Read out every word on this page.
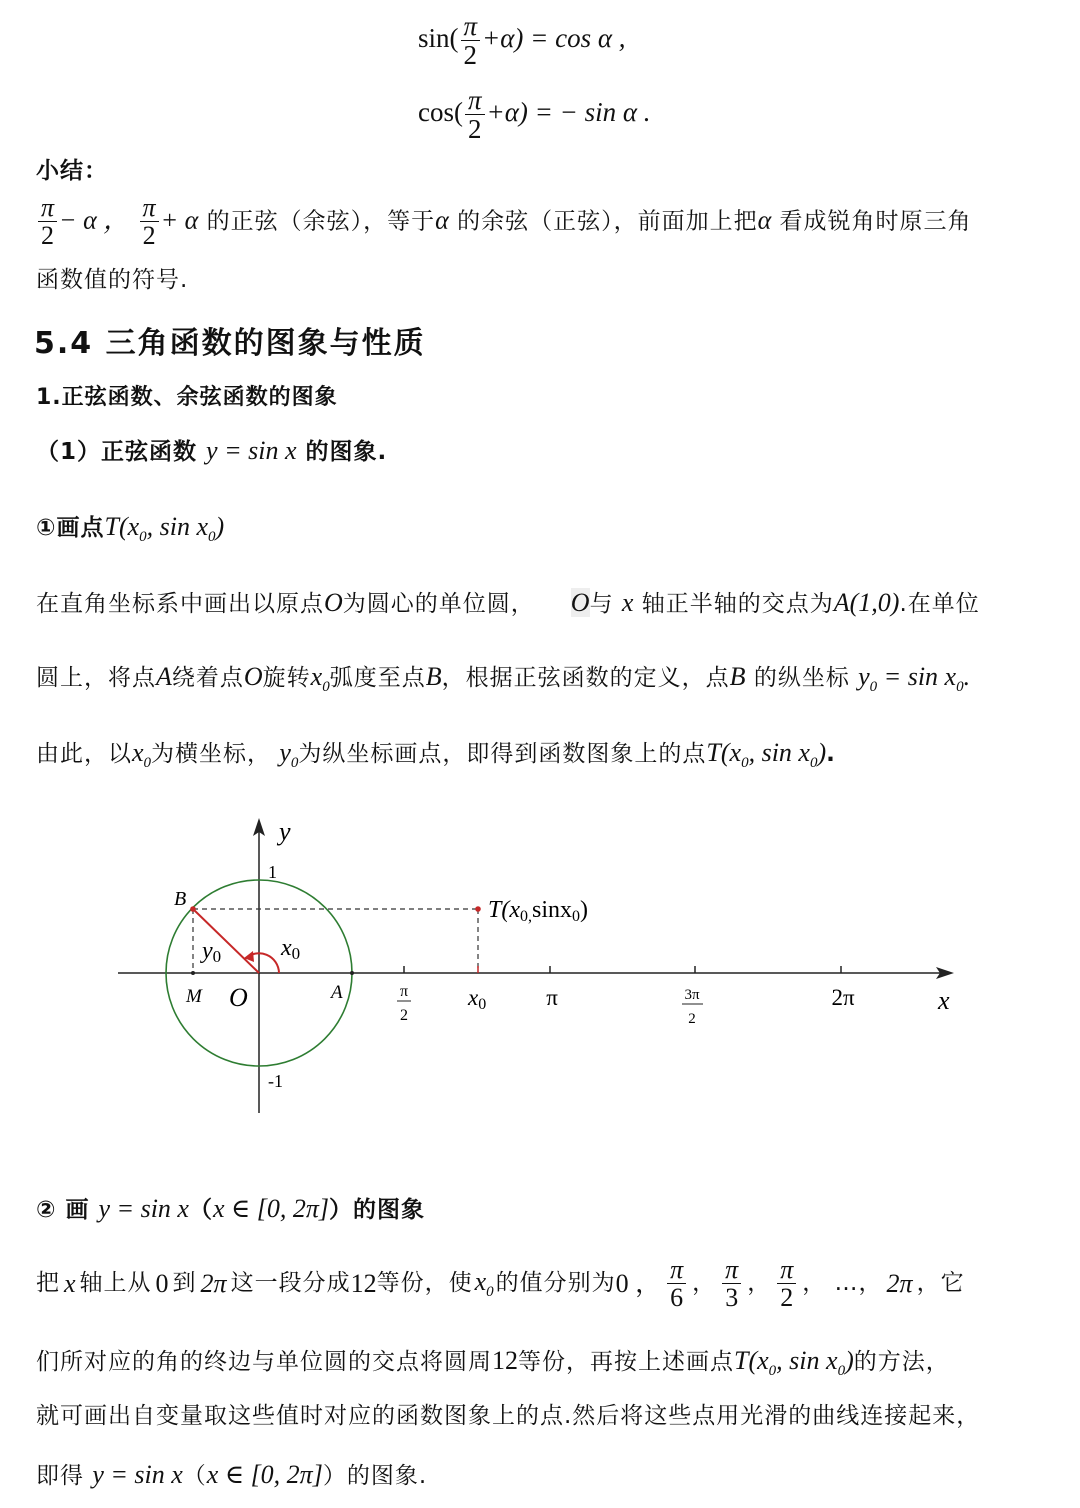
$\sin( \frac{\pi}{2} +\alpha) = \cos \alpha$ ,
$\cos( \frac{\pi}{2} +\alpha)$ = − sin α .
小结：
$\frac{\pi}{2} - \alpha$ ， $\frac{\pi}{2} + \alpha$ 的正弦（余弦），等于α 的余弦（正弦），前面加上把α 看成锐角时原三角
函数值的符号.
5.4 三角函数的图象与性质
1.正弦函数、余弦函数的图象
（1）正弦函数 y = sin x 的图象.
①画点$T(x_0$, $\sin x_0$)
在直角坐标系中画出以原点O为圆心的单位圆， O与 x 轴正半轴的交点为A(1,0).在单位
圆上，将点A绕着点O旋转$x_0$弧度至点B，根据正弦函数的定义，点B 的纵坐标 $y_0 = \sin x_0$.
由此，以$x_0$为横坐标， $y_0$为纵坐标画点，即得到函数图象上的点$T(x_0$, $\sin x_0$).
y
x
1
-1
B
M O	A
x0
y0
T(x0,sinx0)
π
2
x0	π	3π
2
2π
② 画 y = sin x（x ∈ [0, 2π]）的图象
把 x 轴上从 0 到 2π 这一段分成 12 等份，使 $x_0$ 的值分别为 0 ， $\frac{\pi}{6}$ ， $\frac{\pi}{3}$ ， $\frac{\pi}{2}$ ， …， 2π ，它
们所对应的角的终边与单位圆的交点将圆周12等份，再按上述画点$T(x_0$, $\sin x_0$)的方法，
就可画出自变量取这些值时对应的函数图象上的点.然后将这些点用光滑的曲线连接起来，
即得 y = sin x（x ∈ [0, 2π]）的图象.
